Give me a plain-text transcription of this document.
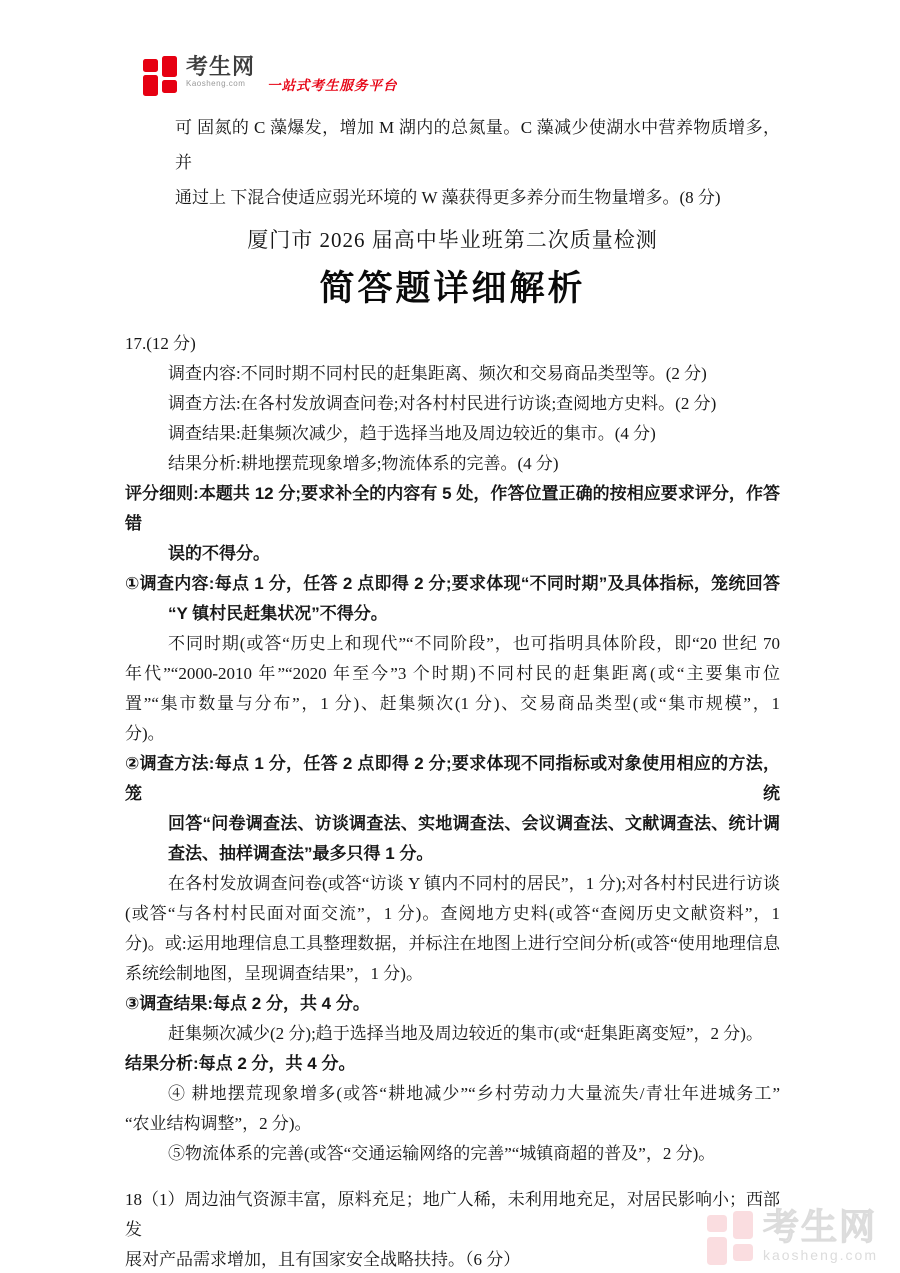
考生网
Kaosheng.com	一站式考生服务平台
可 固氮的 C 藻爆发，增加 M 湖内的总氮量。C 藻减少使湖水中营养物质增多，并
通过上 下混合使适应弱光环境的 W 藻获得更多养分而生物量增多。(8 分)
厦门市 2026 届高中毕业班第二次质量检测
简答题详细解析
17.(12 分)
调查内容:不同时期不同村民的赶集距离、频次和交易商品类型等。(2 分)
调查方法:在各村发放调查问卷;对各村村民进行访谈;查阅地方史料。(2 分)
调查结果:赶集频次减少，趋于选择当地及周边较近的集市。(4 分)
结果分析:耕地摆荒现象增多;物流体系的完善。(4 分)
评分细则:本题共 12 分;要求补全的内容有 5 处，作答位置正确的按相应要求评分，作答错
误的不得分。
①调查内容:每点 1 分，任答 2 点即得 2 分;要求体现“不同时期”及具体指标，笼统回答
“Y 镇村民赶集状况”不得分。
不同时期(或答“历史上和现代”“不同阶段”，也可指明具体阶段，即“20 世纪 70
年代”“2000-2010 年”“2020 年至今”3 个时期)不同村民的赶集距离(或“主要集市位
置”“集市数量与分布”，1 分)、赶集频次(1 分)、交易商品类型(或“集市规模”，1
分)。
②调查方法:每点 1 分，任答 2 点即得 2 分;要求体现不同指标或对象使用相应的方法，笼统
回答“问卷调查法、访谈调查法、实地调查法、会议调查法、文献调查法、统计调
查法、抽样调查法”最多只得 1 分。
在各村发放调查问卷(或答“访谈 Y 镇内不同村的居民”，1 分);对各村村民进行访谈
(或答“与各村村民面对面交流”，1 分)。查阅地方史料(或答“查阅历史文献资料”，1
分)。或:运用地理信息工具整理数据，并标注在地图上进行空间分析(或答“使用地理信息
系统绘制地图，呈现调查结果”，1 分)。
③调查结果:每点 2 分，共 4 分。
赶集频次减少(2 分);趋于选择当地及周边较近的集市(或“赶集距离变短”，2 分)。
结果分析:每点 2 分，共 4 分。
④ 耕地摆荒现象增多(或答“耕地减少”“乡村劳动力大量流失/青壮年进城务工”
“农业结构调整”，2 分)。
⑤物流体系的完善(或答“交通运输网络的完善”“城镇商超的普及”，2 分)。
18（1）周边油气资源丰富，原料充足；地广人稀，未利用地充足，对居民影响小；西部发
展对产品需求增加，且有国家安全战略扶持。（6 分）
考生网
kaosheng.com
